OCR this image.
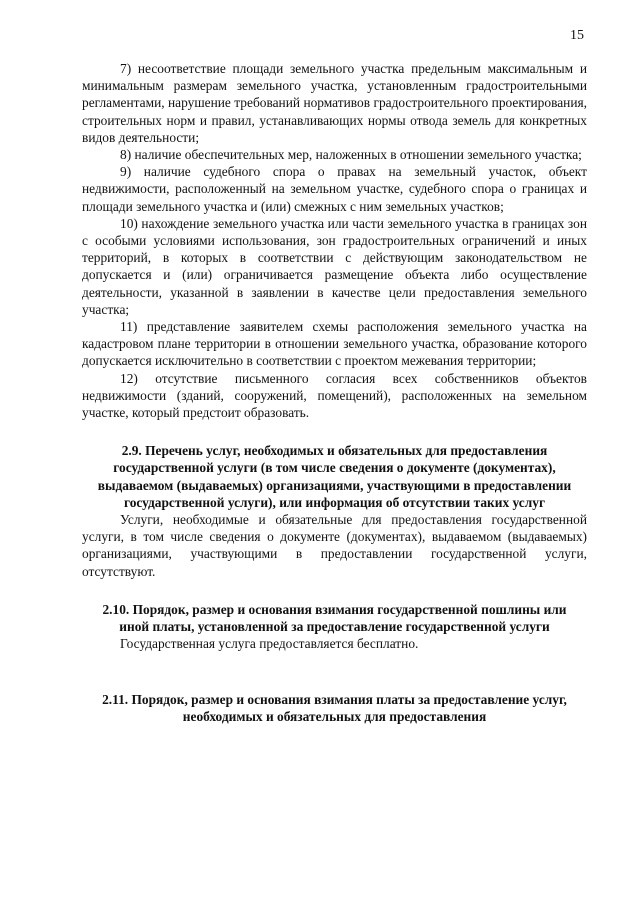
15

7) несоответствие площади земельного участка предельным максимальным и минимальным размерам земельного участка, установленным градостроительными регламентами, нарушение требований нормативов градостроительного проектирования, строительных норм и правил, устанавливающих нормы отвода земель для конкретных видов деятельности;

8) наличие обеспечительных мер, наложенных в отношении земельного участка;

9) наличие судебного спора о правах на земельный участок, объект недвижимости, расположенный на земельном участке, судебного спора о границах и площади земельного участка и (или) смежных с ним земельных участков;

10) нахождение земельного участка или части земельного участка в границах зон с особыми условиями использования, зон градостроительных ограничений и иных территорий, в которых в соответствии с действующим законодательством не допускается и (или) ограничивается размещение объекта либо осуществление деятельности, указанной в заявлении в качестве цели предоставления земельного участка;

11) представление заявителем схемы расположения земельного участка на кадастровом плане территории в отношении земельного участка, образование которого допускается исключительно в соответствии с проектом межевания территории;

12) отсутствие письменного согласия всех собственников объектов недвижимости (зданий, сооружений, помещений), расположенных на земельном участке, который предстоит образовать.

2.9. Перечень услуг, необходимых и обязательных для предоставления государственной услуги (в том числе сведения о документе (документах), выдаваемом (выдаваемых) организациями, участвующими в предоставлении государственной услуги), или информация об отсутствии таких услуг

Услуги, необходимые и обязательные для предоставления государственной услуги, в том числе сведения о документе (документах), выдаваемом (выдаваемых) организациями, участвующими в предоставлении государственной услуги, отсутствуют.

2.10. Порядок, размер и основания взимания государственной пошлины или иной платы, установленной за предоставление государственной услуги

Государственная услуга предоставляется бесплатно.

2.11. Порядок, размер и основания взимания платы за предоставление услуг, необходимых и обязательных для предоставления
